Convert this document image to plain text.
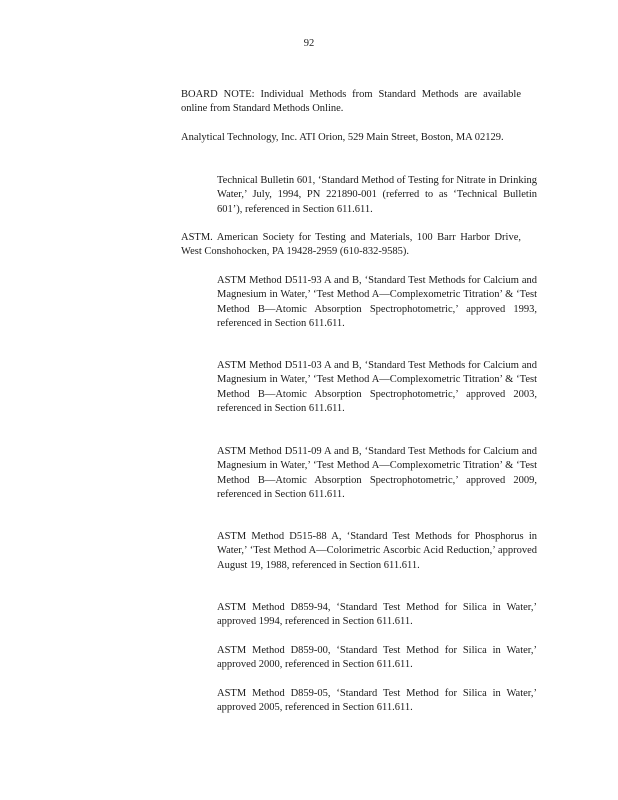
92

BOARD NOTE: Individual Methods from Standard Methods are available online from Standard Methods Online.

Analytical Technology, Inc. ATI Orion, 529 Main Street, Boston, MA 02129.

Technical Bulletin 601, ‘Standard Method of Testing for Nitrate in Drinking Water,’ July, 1994, PN 221890-001 (referred to as ‘Technical Bulletin 601’), referenced in Section 611.611.

ASTM. American Society for Testing and Materials, 100 Barr Harbor Drive, West Conshohocken, PA 19428-2959 (610-832-9585).

ASTM Method D511-93 A and B, ‘Standard Test Methods for Calcium and Magnesium in Water,’ ‘Test Method A—Complexometric Titration’ & ‘Test Method B—Atomic Absorption Spectrophotometric,’ approved 1993, referenced in Section 611.611.

ASTM Method D511-03 A and B, ‘Standard Test Methods for Calcium and Magnesium in Water,’ ‘Test Method A—Complexometric Titration’ & ‘Test Method B—Atomic Absorption Spectrophotometric,’ approved 2003, referenced in Section 611.611.

ASTM Method D511-09 A and B, ‘Standard Test Methods for Calcium and Magnesium in Water,’ ‘Test Method A—Complexometric Titration’ & ‘Test Method B—Atomic Absorption Spectrophotometric,’ approved 2009, referenced in Section 611.611.

ASTM Method D515-88 A, ‘Standard Test Methods for Phosphorus in Water,’ ‘Test Method A—Colorimetric Ascorbic Acid Reduction,’ approved August 19, 1988, referenced in Section 611.611.

ASTM Method D859-94, ‘Standard Test Method for Silica in Water,’ approved 1994, referenced in Section 611.611.

ASTM Method D859-00, ‘Standard Test Method for Silica in Water,’ approved 2000, referenced in Section 611.611.

ASTM Method D859-05, ‘Standard Test Method for Silica in Water,’ approved 2005, referenced in Section 611.611.
